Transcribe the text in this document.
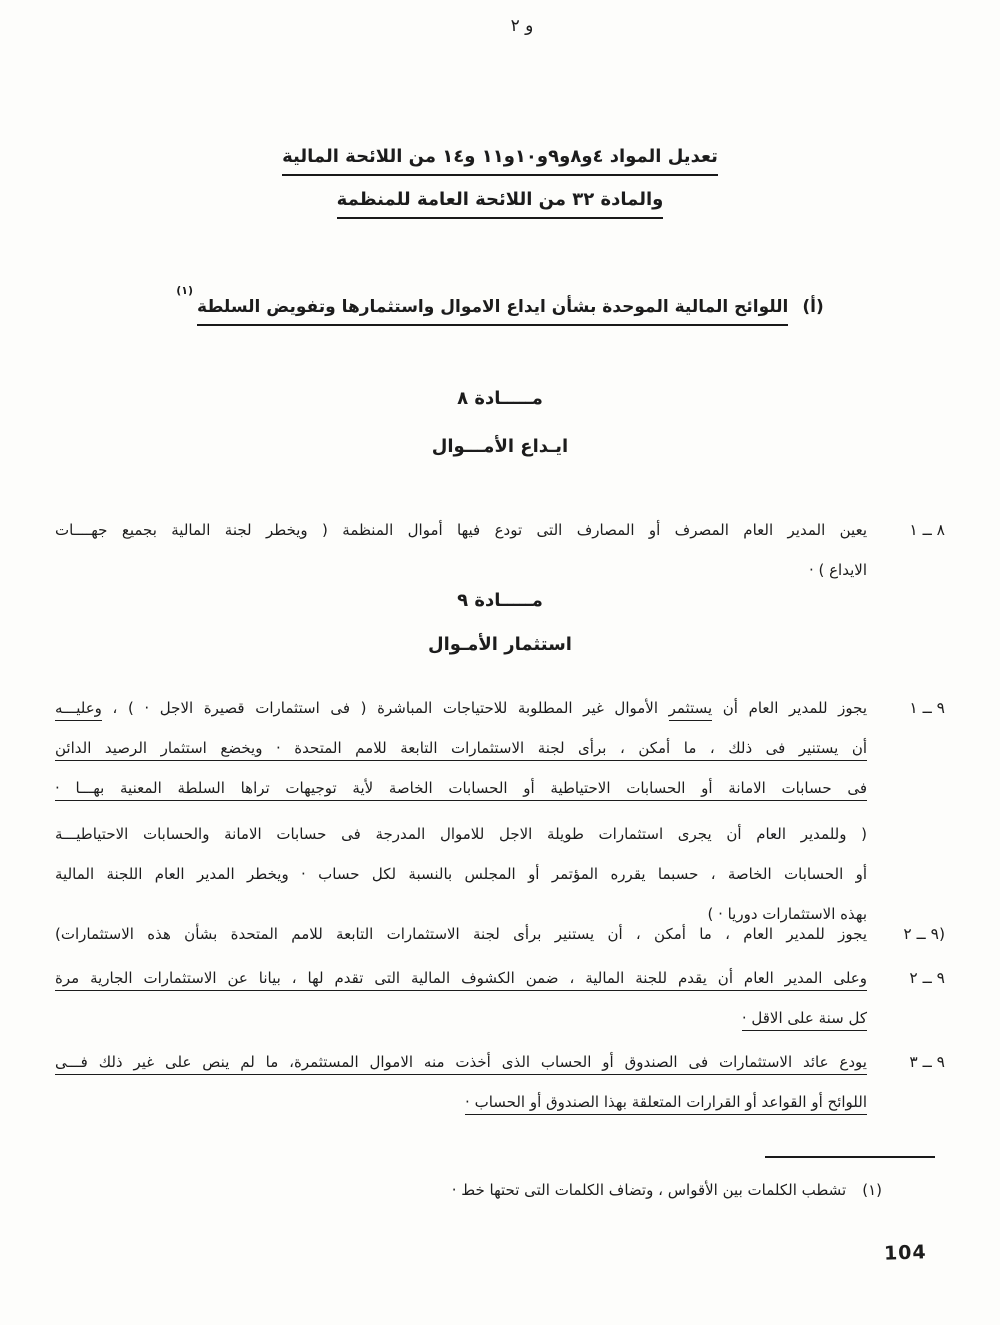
و ٢
تعديل المواد ٤و٨و٩و١٠و١١ و١٤ من اللائحة المالية
والمادة ٣٢ من اللائحة العامة للمنظمة
(أ)اللوائح المالية الموحدة بشأن ايداع الاموال واستثمارها وتفويض السلطة$^{(١)}$
مـــــادة ٨
ايـداع الأمـــوال
٨ ــ ١
يعين المدير العام المصرف أو المصارف التى تودع فيها أموال المنظمة ( ويخطر لجنة المالية بجميع جهــــات
الايداع ) ·
مـــــادة ٩
استثمار الأمـوال
٩ ــ ١
يجوز للمدير العام أن يستثمر الأموال غير المطلوبة للاحتياجات المباشرة ( فى استثمارات قصيرة الاجل · ) ، وعليـــه
أن يستنير فى ذلك ، ما أمكن ، برأى لجنة الاستثمارات التابعة للامم المتحدة · ويخضع استثمار الرصيد الدائن
فى حسابات الامانة أو الحسابات الاحتياطية أو الحسابات الخاصة لأية توجيهات تراها السلطة المعنية بهـــا ·
( وللمدير العام أن يجرى استثمارات طويلة الاجل للاموال المدرجة فى حسابات الامانة والحسابات الاحتياطيـــة
أو الحسابات الخاصة ، حسبما يقرره المؤتمر أو المجلس بالنسبة لكل حساب · ويخطر المدير العام اللجنة المالية
بهذه الاستثمارات دوريا · )
(٩ ــ ٢
يجوز للمدير العام ، ما أمكن ، أن يستنير برأى لجنة الاستثمارات التابعة للامم المتحدة بشأن هذه الاستثمارات)
٩ ــ ٢
وعلى المدير العام أن يقدم للجنة المالية ، ضمن الكشوف المالية التى تقدم لها ، بيانا عن الاستثمارات الجارية مرة
كل سنة على الاقل ·
٩ ــ ٣
يودع عائد الاستثمارات فى الصندوق أو الحساب الذى أخذت منه الاموال المستثمرة، ما لم ينص على غير ذلك فـــى
اللوائح أو القواعد أو القرارات المتعلقة بهذا الصندوق أو الحساب ·
(١)تشطب الكلمات بين الأقواس ، وتضاف الكلمات التى تحتها خط ·
104
